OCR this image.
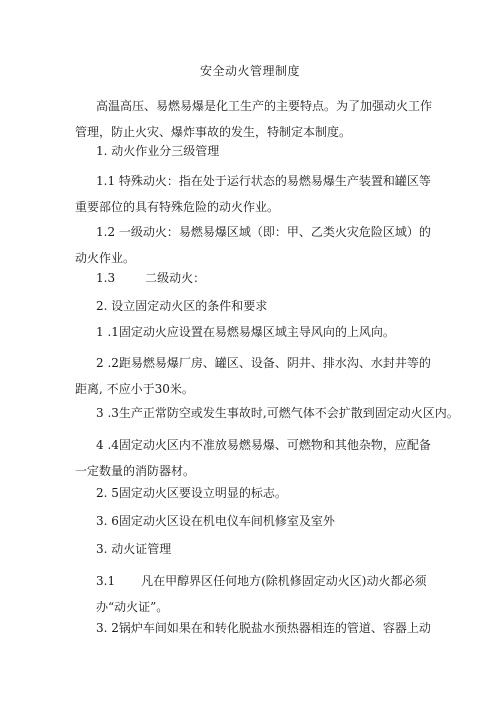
安全动火管理制度
高温高压、易燃易爆是化工生产的主要特点。为了加强动火工作管理，防止火灾、爆炸事故的发生，特制定本制度。
1. 动火作业分三级管理
1.1 特殊动火：指在处于运行状态的易燃易爆生产装置和罐区等重要部位的具有特殊危险的动火作业。
1.2 一级动火：易燃易爆区域（即：甲、乙类火灾危险区域）的动火作业。
1.3	二级动火：
2. 设立固定动火区的条件和要求
1 .1固定动火应设置在易燃易爆区域主导风向的上风向。
2 .2距易燃易爆厂房、罐区、设备、阴井、排水沟、水封井等的距离, 不应小于30米。
3 .3生产正常防空或发生事故时,可燃气体不会扩散到固定动火区内。
4 .4固定动火区内不准放易燃易爆、可燃物和其他杂物，应配备一定数量的消防器材。
2. 5固定动火区要设立明显的标志。
3. 6固定动火区设在机电仪车间机修室及室外
3. 动火证管理
3.1 凡在甲醇界区任何地方(除机修固定动火区)动火都必须办“动火证”。
3. 2锅炉车间如果在和转化脱盐水预热器相连的管道、容器上动
